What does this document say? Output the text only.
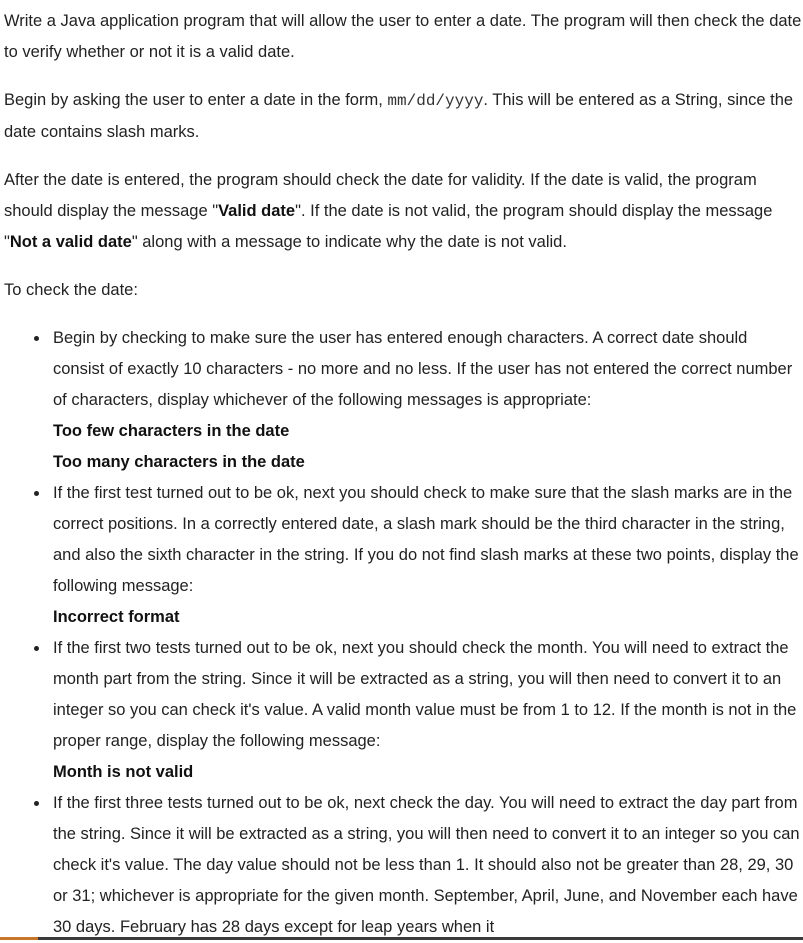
Write a Java application program that will allow the user to enter a date. The program will then check the date to verify whether or not it is a valid date.

Begin by asking the user to enter a date in the form, mm/dd/yyyy. This will be entered as a String, since the date contains slash marks.

After the date is entered, the program should check the date for validity. If the date is valid, the program should display the message "Valid date". If the date is not valid, the program should display the message "Not a valid date" along with a message to indicate why the date is not valid.

To check the date:

Begin by checking to make sure the user has entered enough characters. A correct date should consist of exactly 10 characters - no more and no less. If the user has not entered the correct number of characters, display whichever of the following messages is appropriate:
Too few characters in the date
Too many characters in the date
If the first test turned out to be ok, next you should check to make sure that the slash marks are in the correct positions. In a correctly entered date, a slash mark should be the third character in the string, and also the sixth character in the string. If you do not find slash marks at these two points, display the following message:
Incorrect format
If the first two tests turned out to be ok, next you should check the month. You will need to extract the month part from the string. Since it will be extracted as a string, you will then need to convert it to an integer so you can check it's value. A valid month value must be from 1 to 12. If the month is not in the proper range, display the following message:
Month is not valid
If the first three tests turned out to be ok, next check the day. You will need to extract the day part from the string. Since it will be extracted as a string, you will then need to convert it to an integer so you can check it's value. The day value should not be less than 1. It should also not be greater than 28, 29, 30 or 31; whichever is appropriate for the given month. September, April, June, and November each have 30 days. February has 28 days except for leap years when it
